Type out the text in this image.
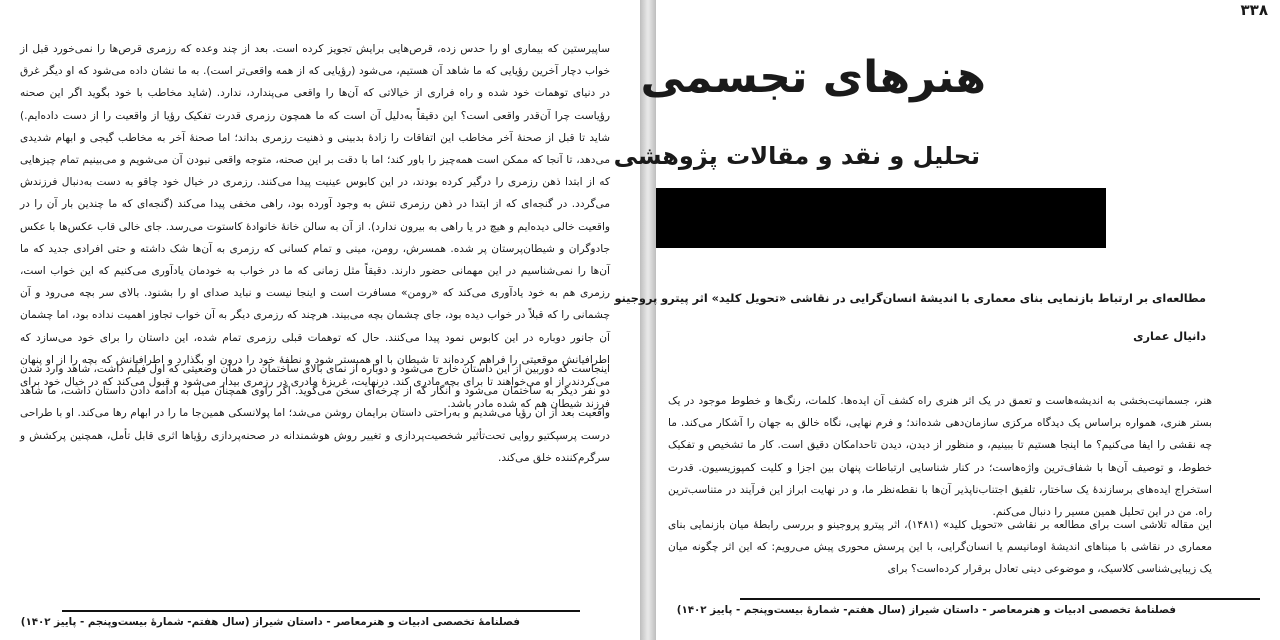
ساپیرستین که بیماری او را حدس زده، قرص‌هایی برایش تجویز کرده است. بعد از چند وعده که رزمری قرص‌ها را نمی‌خورد قبل از خواب دچار آخرین رؤیایی که ما شاهد آن هستیم، می‌شود (رؤیایی که از همه واقعی‌تر است). به ما نشان داده می‌شود که او دیگر غرق در دنیای توهمات خود شده و راه فراری از خیالاتی که آن‌ها را واقعی می‌پندارد، ندارد. (شاید مخاطب با خود بگوید اگر این صحنه رؤیاست چرا آن‌قدر واقعی است؟ این دقیقاً به‌دلیل آن است که ما همچون رزمری قدرت تفکیک رؤیا از واقعیت را از دست داده‌ایم.) شاید تا قبل از صحنهٔ آخر مخاطب این اتفاقات را زادهٔ بدبینی و ذهنیت رزمری بداند؛ اما صحنهٔ آخر به مخاطب گیجی و ابهام شدیدی می‌دهد، تا آنجا که ممکن است همه‌چیز را باور کند؛ اما با دقت بر این صحنه، متوجه واقعی نبودن آن می‌شویم و می‌بینیم تمام چیزهایی که از ابتدا ذهن رزمری را درگیر کرده بودند، در این کابوس عینیت پیدا می‌کنند. رزمری در خیال خود چاقو به دست به‌دنبال فرزندش می‌گردد. در گنجه‌ای که از ابتدا در ذهن رزمری تنش به وجود آورده بود، راهی مخفی پیدا می‌کند (گنجه‌ای که ما چندین بار آن را در واقعیت خالی دیده‌ایم و هیچ در یا راهی به بیرون ندارد). از آن به سالن خانهٔ خانوادهٔ کاستوت می‌رسد. جای خالی قاب عکس‌ها با عکس جادوگران و شیطان‌پرستان پر شده. همسرش، رومن، مینی و تمام کسانی که رزمری به آن‌ها شک داشته و حتی افرادی جدید که ما آن‌ها را نمی‌شناسیم در این مهمانی حضور دارند. دقیقاً مثل زمانی که ما در خواب به خودمان یادآوری می‌کنیم که این خواب است، رزمری هم به خود یادآوری می‌کند که «رومن» مسافرت است و اینجا نیست و نباید صدای او را بشنود. بالای سر بچه می‌رود و آن چشمانی را که قبلاً در خواب دیده بود، جای چشمان بچه می‌بیند. هرچند که رزمری دیگر به آن خواب تجاوز اهمیت نداده بود، اما چشمان آن جانور دوباره در این کابوس نمود پیدا می‌کنند. حال که توهمات قبلی رزمری تمام شده، این داستان را برای خود می‌سازد که اطرافیانش موقعیتی را فراهم کرده‌اند تا شیطان با او همبستر شود و نطفهٔ خود را درون او بگذارد و اطرافیانش که بچه را از او پنهان می‌کردند، از او می‌خواهند تا برای بچه مادری کند. درنهایت، غریزهٔ مادری در رزمری بیدار می‌شود و قبول می‌کند که در خیال خود برای فرزند شیطان هم که شده مادر باشد.

اینجاست که دوربین از این داستان خارج می‌شود و دوباره از نمای بالای ساختمان در همان وضعیتی که اول فیلم داشت، شاهد وارد شدن دو نفر دیگر به ساختمان می‌شود و انگار که از چرخه‌ای سخن می‌گوید. اگر راوی همچنان میل به ادامه دادن داستان داشت، ما شاهد واقعیت بعد از آن رؤیا می‌شدیم و به‌راحتی داستان برایمان روشن می‌شد؛ اما پولانسکی همین‌جا ما را در ابهام رها می‌کند. او با طراحی درست پرسپکتیو روایی تحت‌تأثیر شخصیت‌پردازی و تغییر روش هوشمندانه در صحنه‌پردازی رؤیاها اثری قابل تأمل، همچنین پرکشش و سرگرم‌کننده خلق می‌کند.

فصلنامهٔ تخصصی ادبیات و هنرمعاصر - داستان شیراز (سال هفتم- شمارهٔ بیست‌وپنجم - پاییز ۱۴۰۲)
۳۳۸
هنرهای تجسمی
تحلیل و نقد و مقالات پژوهشی
مطالعه‌ای بر ارتباط بازنمایی بنای معماری با اندیشهٔ انسان‌گرایی در نقاشی «تحویل کلید» اثر پیترو پروجینو
دانیال عماری

هنر، جسمانیت‌بخشی به اندیشه‌هاست و تعمق در یک اثر هنری راه کشف آن ایده‌ها. کلمات، رنگ‌ها و خطوط موجود در یک بستر هنری، همواره براساس یک دیدگاه مرکزی سازمان‌دهی شده‌اند؛ و فرم نهایی، نگاه خالق به جهان را آشکار می‌کند. ما چه نقشی را ایفا می‌کنیم؟ ما اینجا هستیم تا ببینیم، و منظور از دیدن، دیدن تاحدامکان دقیق است. کار ما تشخیص و تفکیک خطوط، و توصیف آن‌ها با شفاف‌ترین واژه‌هاست؛ در کنار شناسایی ارتباطات پنهان بین اجزا و کلیت کمپوزیسیون. قدرت استخراج ایده‌های برسازندهٔ یک ساختار، تلفیق اجتناب‌ناپذیر آن‌ها با نقطه‌نظر ما، و در نهایت ابراز این فرآیند در متناسب‌ترین راه. من در این تحلیل همین مسیر را دنبال می‌کنم.

این مقاله تلاشی است برای مطالعه بر نقاشی «تحویل کلید» (۱۴۸۱)، اثر پیترو پروجینو و بررسی رابطهٔ میان بازنمایی بنای معماری در نقاشی با مبناهای اندیشهٔ اومانیسم یا انسان‌گرایی، با این پرسش محوری پیش می‌رویم: که این اثر چگونه میان یک زیبایی‌شناسی کلاسیک، و موضوعی دینی تعادل برقرار کرده‌است؟ برای

فصلنامهٔ تخصصی ادبیات و هنرمعاصر - داستان شیراز (سال هفتم- شمارهٔ بیست‌وپنجم - پاییز ۱۴۰۲)
